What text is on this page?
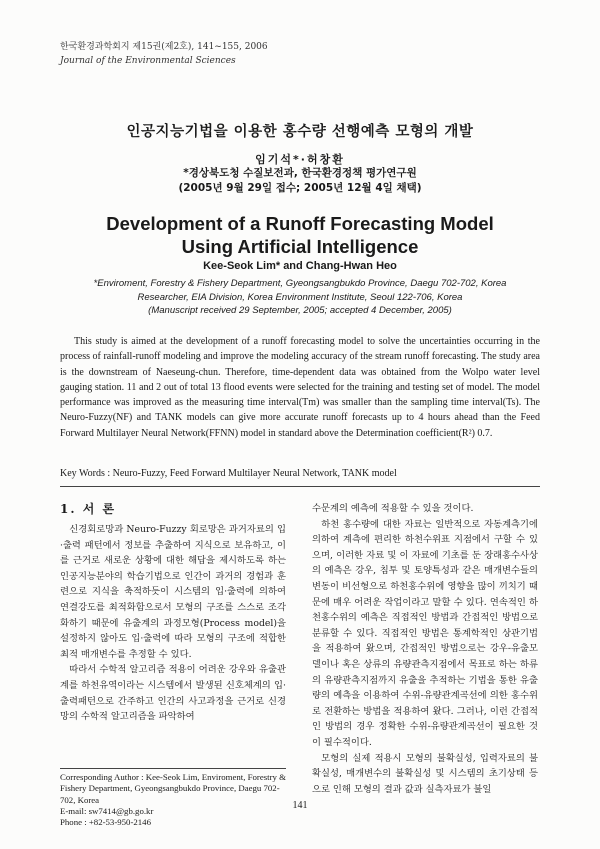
한국환경과학회지 제15권(제2호), 141~155, 2006
Journal of the Environmental Sciences
인공지능기법을 이용한 홍수량 선행예측 모형의 개발
임기석*·허창환
*경상북도청 수질보전과, 한국환경정책 평가연구원
(2005년 9월 29일 접수; 2005년 12월 4일 채택)
Development of a Runoff Forecasting Model
Using Artificial Intelligence
Kee-Seok Lim* and Chang-Hwan Heo
*Enviroment, Forestry & Fishery Department, Gyeongsangbukdo Province, Daegu 702-702, Korea
Researcher, EIA Division, Korea Environment Institute, Seoul 122-706, Korea
(Manuscript received 29 September, 2005; accepted 4 December, 2005)

This study is aimed at the development of a runoff forecasting model to solve the uncertainties occurring in the process of rainfall-runoff modeling and improve the modeling accuracy of the stream runoff forecasting. The study area is the downstream of Naeseung-chun. Therefore, time-dependent data was obtained from the Wolpo water level gauging station. 11 and 2 out of total 13 flood events were selected for the training and testing set of model. The model performance was improved as the measuring time interval(Tm) was smaller than the sampling time interval(Ts). The Neuro-Fuzzy(NF) and TANK models can give more accurate runoff forecasts up to 4 hours ahead than the Feed Forward Multilayer Neural Network(FFNN) model in standard above the Determination coefficient(R²) 0.7.

Key Words : Neuro-Fuzzy, Feed Forward Multilayer Neural Network, TANK model
1. 서 론

신경회로망과 Neuro-Fuzzy 회로망은 과거자료의 입·출력 패턴에서 정보를 추출하여 지식으로 보유하고, 이를 근거로 새로운 상황에 대한 해답을 제시하도록 하는 인공지능분야의 학습기법으로 인간이 과거의 경험과 훈련으로 지식을 축적하듯이 시스템의 입·출력에 의하여 연결강도를 최적화함으로서 모형의 구조를 스스로 조각화하기 때문에 유출계의 과정모형(Process model)을 설정하지 않아도 입·출력에 따라 모형의 구조에 적합한 최적 매개변수를 추정할 수 있다.

따라서 수학적 알고리즘 적용이 어려운 강우와 유출관계를 하천유역이라는 시스템에서 발생된 신호체계의 입·출력패턴으로 간주하고 인간의 사고과정을 근거로 신경망의 수학적 알고리즘을 파악하여

수문계의 예측에 적용할 수 있을 것이다.

하천 홍수량에 대한 자료는 일반적으로 자동계측기에 의하여 계측에 편리한 하천수위표 지점에서 구할 수 있으며, 이러한 자료 및 이 자료에 기초를 둔 장래홍수사상의 예측은 강우, 침투 및 토양특성과 같은 매개변수들의 변동이 비선형으로 하천홍수위에 영향을 많이 끼치기 때문에 매우 어려운 작업이라고 말할 수 있다. 연속적인 하천홍수위의 예측은 직접적인 방법과 간접적인 방법으로 분류할 수 있다. 직접적인 방법은 통계학적인 상관기법을 적용하여 왔으며, 간접적인 방법으로는 강우-유출모델이나 혹은 상류의 유량관측지점에서 목표로 하는 하류의 유량관측지점까지 유출을 추적하는 기법을 통한 유출량의 예측을 이용하여 수위-유량관계곡선에 의한 홍수위로 전환하는 방법을 적용하여 왔다. 그러나, 이런 간접적인 방법의 경우 정확한 수위-유량관계곡선이 필요한 것이 필수적이다.

모형의 실제 적용시 모형의 불확실성, 입력자료의 불확실성, 매개변수의 불확실성 및 시스템의 초기상태 등으로 인해 모형의 결과 값과 실측자료가 불일

Corresponding Author : Kee-Seok Lim, Enviroment, Forestry & Fishery Department, Gyeongsangbukdo Province, Daegu 702-702, Korea
E-mail: sw7414@gb.go.kr
Phone : +82-53-950-2146
141
